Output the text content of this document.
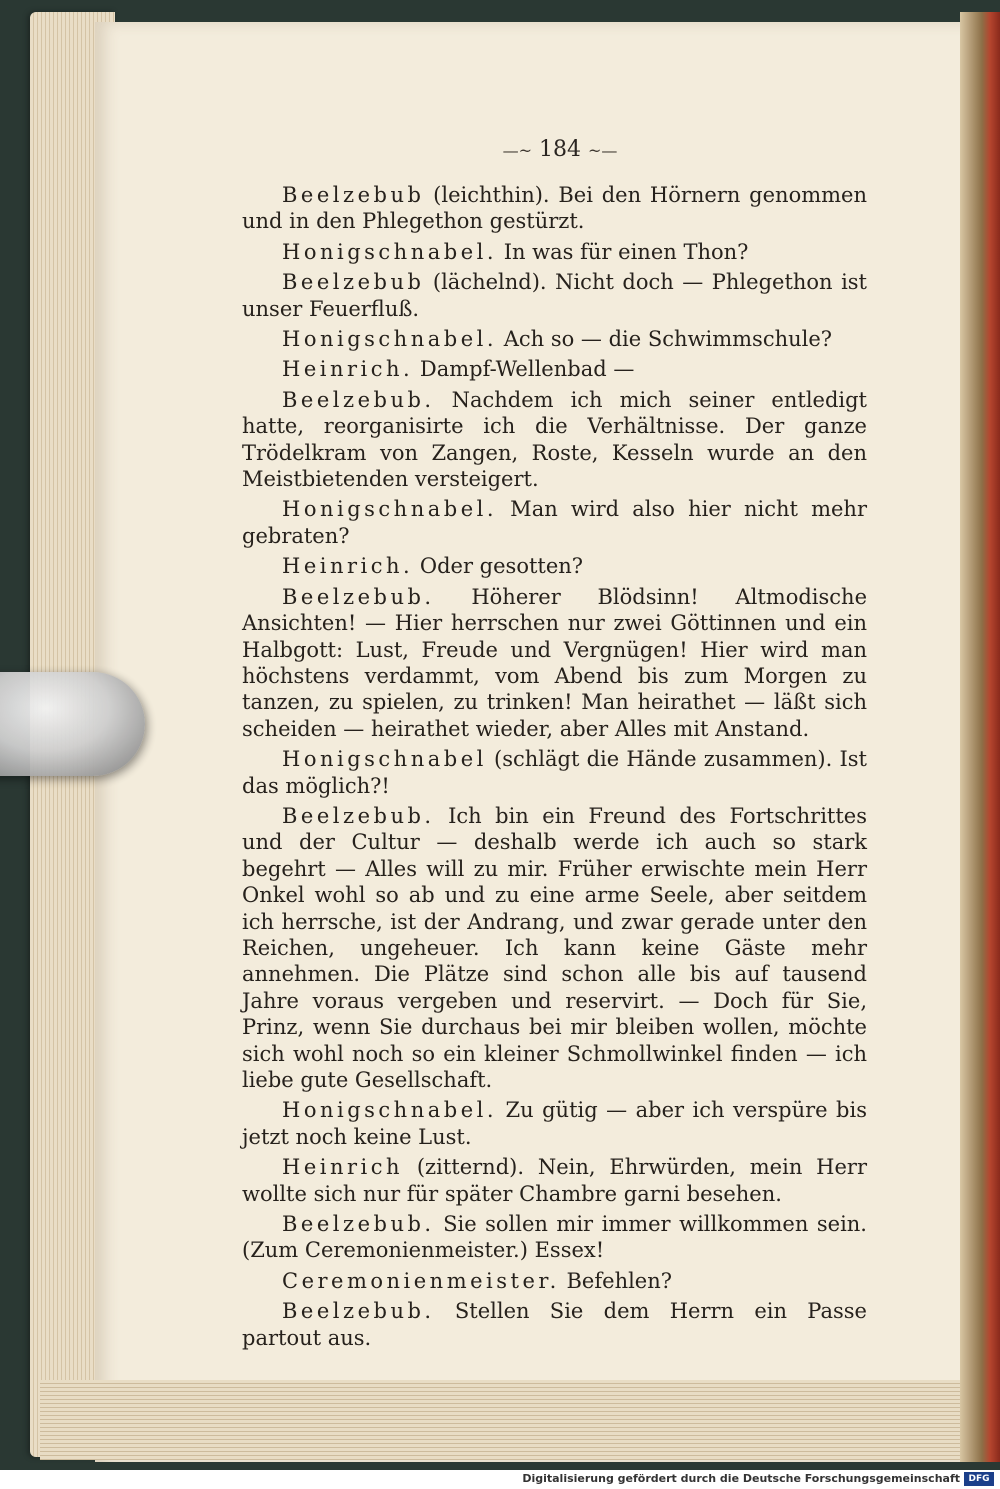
—~ 184 ~—

Beelzebub (leichthin). Bei den Hörnern genommen und in den Phlegethon gestürzt.

Honigschnabel. In was für einen Thon?

Beelzebub (lächelnd). Nicht doch — Phlegethon ist unser Feuerfluß.

Honigschnabel. Ach so — die Schwimmschule?

Heinrich. Dampf-Wellenbad —

Beelzebub. Nachdem ich mich seiner entledigt hatte, reorganisirte ich die Verhältnisse. Der ganze Trödelkram von Zangen, Roste, Kesseln wurde an den Meistbietenden versteigert.

Honigschnabel. Man wird also hier nicht mehr gebraten?

Heinrich. Oder gesotten?

Beelzebub. Höherer Blödsinn! Altmodische Ansichten! — Hier herrschen nur zwei Göttinnen und ein Halbgott: Lust, Freude und Vergnügen! Hier wird man höchstens verdammt, vom Abend bis zum Morgen zu tanzen, zu spielen, zu trinken! Man heirathet — läßt sich scheiden — heirathet wieder, aber Alles mit Anstand.

Honigschnabel (schlägt die Hände zusammen). Ist das möglich?!

Beelzebub. Ich bin ein Freund des Fortschrittes und der Cultur — deshalb werde ich auch so stark begehrt — Alles will zu mir. Früher erwischte mein Herr Onkel wohl so ab und zu eine arme Seele, aber seitdem ich herrsche, ist der Andrang, und zwar gerade unter den Reichen, ungeheuer. Ich kann keine Gäste mehr annehmen. Die Plätze sind schon alle bis auf tausend Jahre voraus vergeben und reservirt. — Doch für Sie, Prinz, wenn Sie durchaus bei mir bleiben wollen, möchte sich wohl noch so ein kleiner Schmollwinkel finden — ich liebe gute Gesellschaft.

Honigschnabel. Zu gütig — aber ich verspüre bis jetzt noch keine Lust.

Heinrich (zitternd). Nein, Ehrwürden, mein Herr wollte sich nur für später Chambre garni besehen.

Beelzebub. Sie sollen mir immer willkommen sein. (Zum Ceremonienmeister.) Essex!

Ceremonienmeister. Befehlen?

Beelzebub. Stellen Sie dem Herrn ein Passe partout aus.

Digitalisierung gefördert durch die Deutsche Forschungsgemeinschaft DFG
